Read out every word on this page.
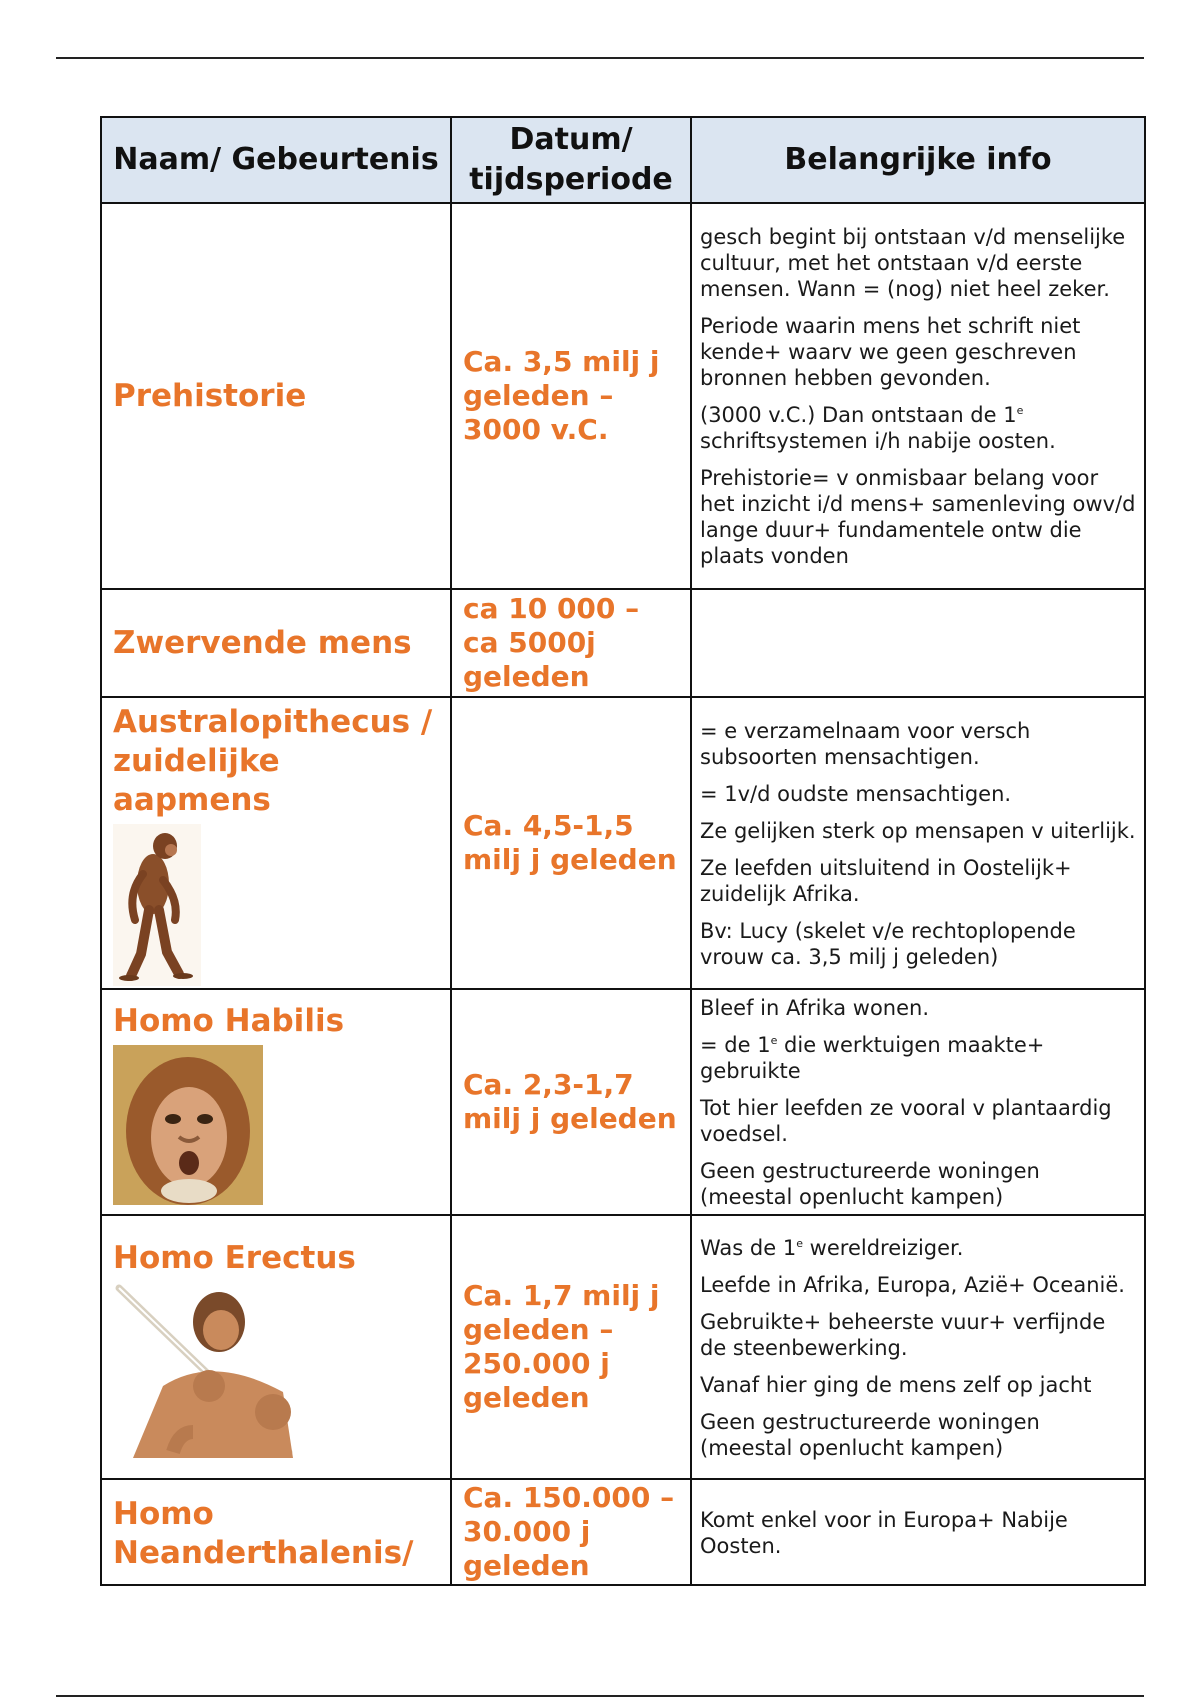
Naam/ Gebeurtenis	Datum/ tijdsperiode	Belangrijke info

Prehistorie	Ca. 3,5 milj j geleden – 3000 v.C.	gesch begint bij ontstaan v/d menselijke cultuur, met het ontstaan v/d eerste mensen. Wann = (nog) niet heel zeker.

Periode waarin mens het schrift niet kende+ waarv we geen geschreven bronnen hebben gevonden.

(3000 v.C.) Dan ontstaan de 1e schriftsystemen i/h nabije oosten.

Prehistorie= v onmisbaar belang voor het inzicht i/d mens+ samenleving owv/d lange duur+ fundamentele ontw die plaats vonden

Zwervende mens	ca 10 000 – ca 5000j geleden	

Australopithecus / zuidelijke aapmens	Ca. 4,5-1,5 milj j geleden	= e verzamelnaam voor versch subsoorten mensachtigen.

= 1v/d oudste mensachtigen.

Ze gelijken sterk op mensapen v uiterlijk.

Ze leefden uitsluitend in Oostelijk+ zuidelijk Afrika.

Bv: Lucy (skelet v/e rechtoplopende vrouw ca. 3,5 milj j geleden)

Homo Habilis	Ca. 2,3-1,7 milj j geleden	Bleef in Afrika wonen.

= de 1e die werktuigen maakte+ gebruikte

Tot hier leefden ze vooral v plantaardig voedsel.

Geen gestructureerde woningen (meestal openlucht kampen)

Homo Erectus	Ca. 1,7 milj j geleden – 250.000 j geleden	Was de 1e wereldreiziger.

Leefde in Afrika, Europa, Azië+ Oceanië.

Gebruikte+ beheerste vuur+ verfijnde de steenbewerking.

Vanaf hier ging de mens zelf op jacht

Geen gestructureerde woningen (meestal openlucht kampen)

Homo Neanderthalenis/	Ca. 150.000 – 30.000 j geleden	Komt enkel voor in Europa+ Nabije Oosten.
